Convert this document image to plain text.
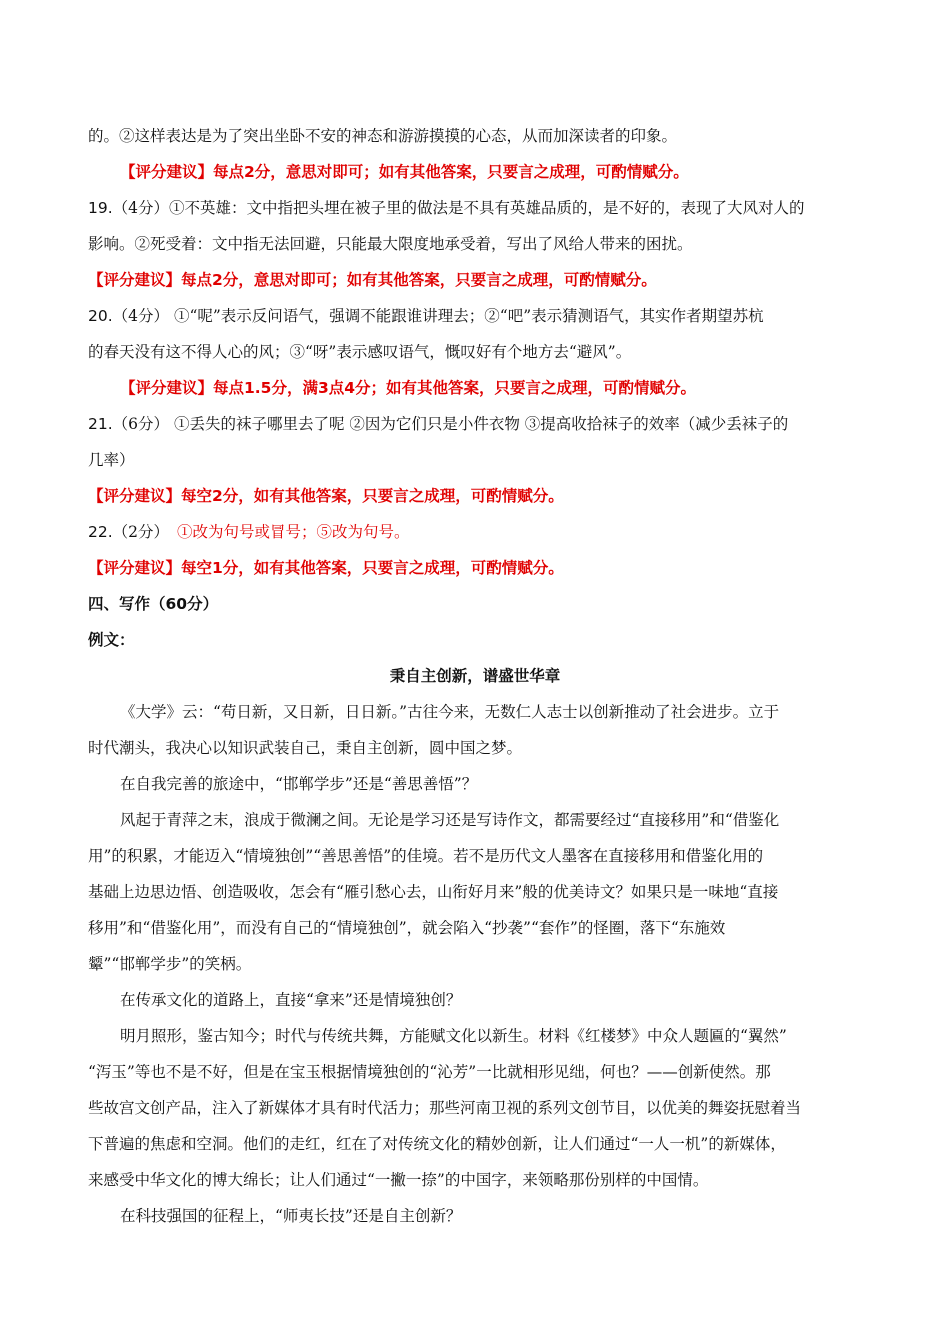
的。②这样表达是为了突出坐卧不安的神态和游游摸摸的心态，从而加深读者的印象。
【评分建议】每点2分，意思对即可；如有其他答案，只要言之成理，可酌情赋分。
19.（4分）①不英雄：文中指把头埋在被子里的做法是不具有英雄品质的，是不好的，表现了大风对人的
影响。②死受着：文中指无法回避，只能最大限度地承受着，写出了风给人带来的困扰。
【评分建议】每点2分，意思对即可；如有其他答案，只要言之成理，可酌情赋分。
20.（4分） ①“呢”表示反问语气，强调不能跟谁讲理去；②“吧”表示猜测语气，其实作者期望苏杭
的春天没有这不得人心的风；③“呀”表示感叹语气，慨叹好有个地方去“避风”。
【评分建议】每点1.5分，满3点4分；如有其他答案，只要言之成理，可酌情赋分。
21.（6分） ①丢失的袜子哪里去了呢 ②因为它们只是小件衣物 ③提高收拾袜子的效率（减少丢袜子的
几率）
【评分建议】每空2分，如有其他答案，只要言之成理，可酌情赋分。
22.（2分） ①改为句号或冒号；⑤改为句号。
【评分建议】每空1分，如有其他答案，只要言之成理，可酌情赋分。
四、写作（60分）
例文：
秉自主创新，谱盛世华章
《大学》云：“苟日新，又日新，日日新。”古往今来，无数仁人志士以创新推动了社会进步。立于
时代潮头，我决心以知识武装自己，秉自主创新，圆中国之梦。
在自我完善的旅途中，“邯郸学步”还是“善思善悟”？
风起于青萍之末，浪成于微澜之间。无论是学习还是写诗作文，都需要经过“直接移用”和“借鉴化
用”的积累，才能迈入“情境独创”“善思善悟”的佳境。若不是历代文人墨客在直接移用和借鉴化用的
基础上边思边悟、创造吸收，怎会有“雁引愁心去，山衔好月来”般的优美诗文？如果只是一味地“直接
移用”和“借鉴化用”，而没有自己的“情境独创”，就会陷入“抄袭”“套作”的怪圈，落下“东施效
颦”“邯郸学步”的笑柄。
在传承文化的道路上，直接“拿来”还是情境独创？
明月照形，鉴古知今；时代与传统共舞，方能赋文化以新生。材料《红楼梦》中众人题匾的“翼然”
“泻玉”等也不是不好，但是在宝玉根据情境独创的“沁芳”一比就相形见绌，何也？——创新使然。那
些故宫文创产品，注入了新媒体才具有时代活力；那些河南卫视的系列文创节目，以优美的舞姿抚慰着当
下普遍的焦虑和空洞。他们的走红，红在了对传统文化的精妙创新，让人们通过“一人一机”的新媒体，
来感受中华文化的博大绵长；让人们通过“一撇一捺”的中国字，来领略那份别样的中国情。
在科技强国的征程上，“师夷长技”还是自主创新？
